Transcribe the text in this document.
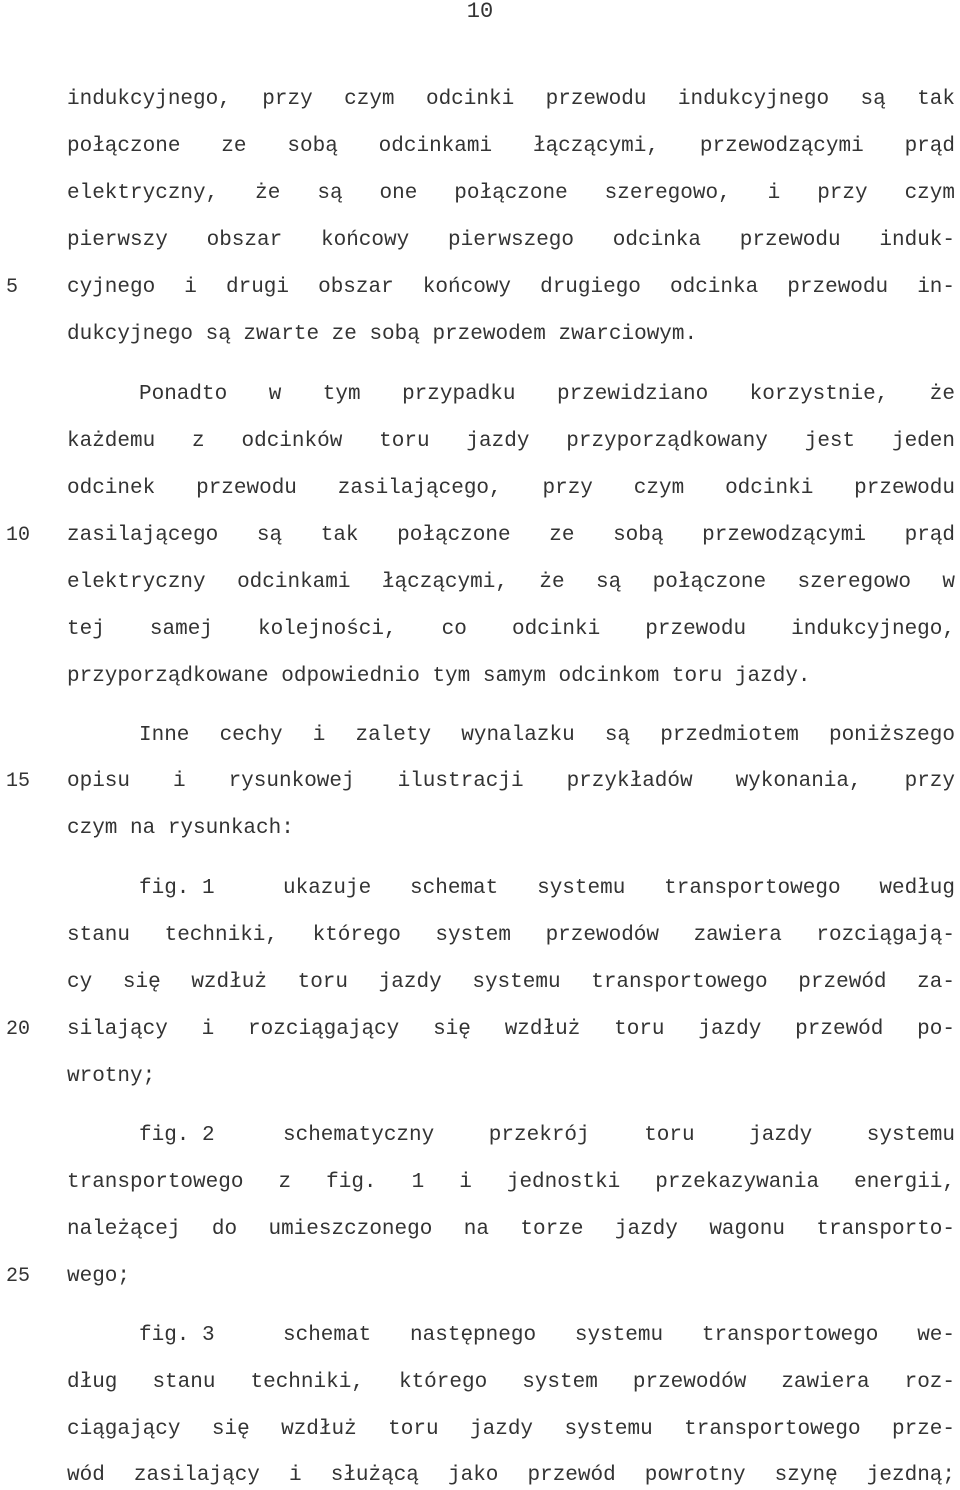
10
5
10
15
20
25
indukcyjnego, przy czym odcinki przewodu indukcyjnego są tak
połączone ze sobą odcinkami łączącymi, przewodzącymi prąd
elektryczny, że są one połączone szeregowo, i przy czym
pierwszy obszar końcowy pierwszego odcinka przewodu induk-
cyjnego i drugi obszar końcowy drugiego odcinka przewodu in-
dukcyjnego są zwarte ze sobą przewodem zwarciowym.
Ponadto w tym przypadku przewidziano korzystnie, że
każdemu z odcinków toru jazdy przyporządkowany jest jeden
odcinek przewodu zasilającego, przy czym odcinki przewodu
zasilającego są tak połączone ze sobą przewodzącymi prąd
elektryczny odcinkami łączącymi, że są połączone szeregowo w
tej samej kolejności, co odcinki przewodu indukcyjnego,
przyporządkowane odpowiednio tym samym odcinkom toru jazdy.
Inne cechy i zalety wynalazku są przedmiotem poniższego
opisu i rysunkowej ilustracji przykładów wykonania, przy
czym na rysunkach:
fig. 1	ukazuje schemat systemu transportowego według
stanu techniki, którego system przewodów zawiera rozciągają-
cy się wzdłuż toru jazdy systemu transportowego przewód za-
silający i rozciągający się wzdłuż toru jazdy przewód po-
wrotny;
fig. 2	schematyczny przekrój toru jazdy systemu
transportowego z fig. 1 i jednostki przekazywania energii,
należącej do umieszczonego na torze jazdy wagonu transporto-
wego;
fig. 3	schemat następnego systemu transportowego we-
dług stanu techniki, którego system przewodów zawiera roz-
ciągający się wzdłuż toru jazdy systemu transportowego prze-
wód zasilający i służącą jako przewód powrotny szynę jezdną;
